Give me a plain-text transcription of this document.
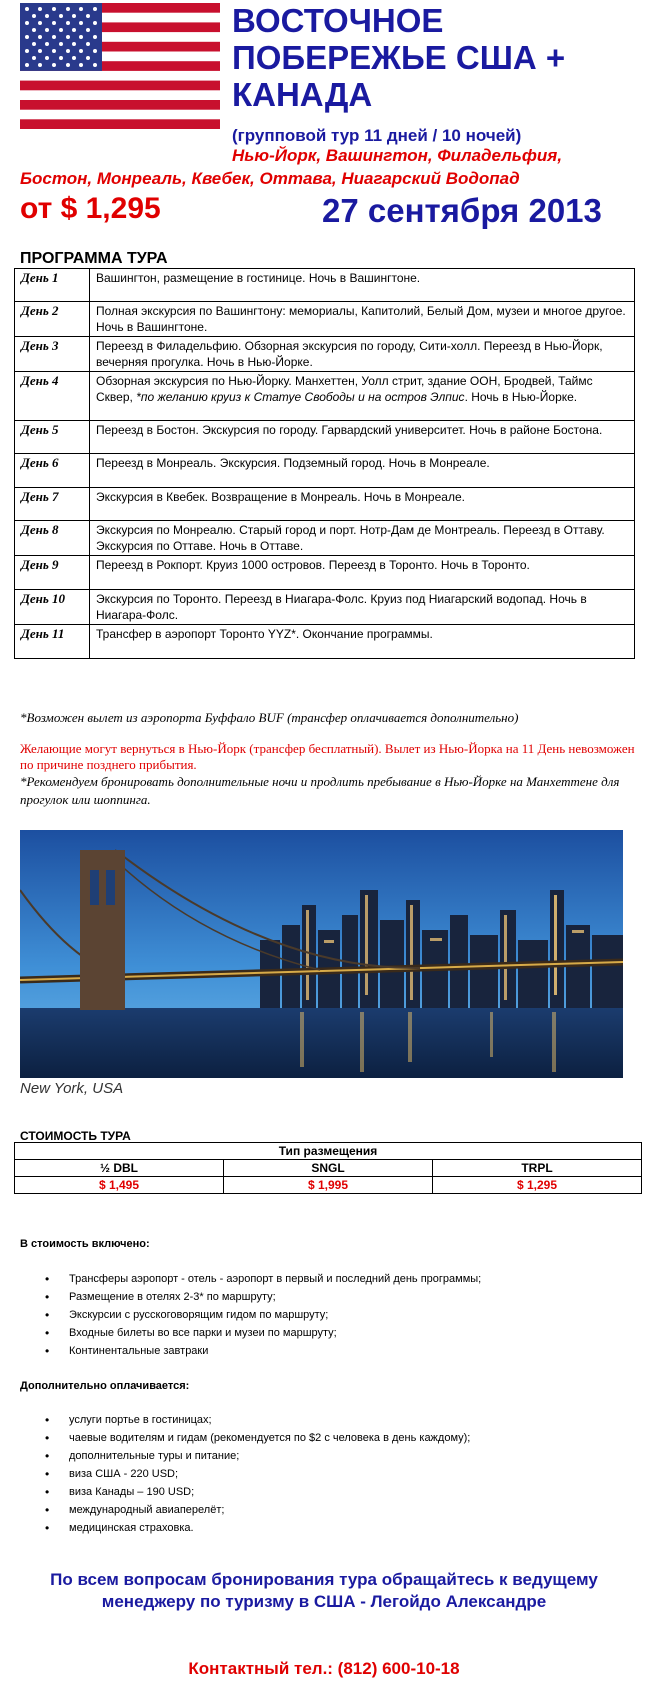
ВОСТОЧНОЕ ПОБЕРЕЖЬЕ США + КАНАДА
(групповой тур 11 дней / 10 ночей)
Нью-Йорк, Вашингтон, Филадельфия,
Бостон, Монреаль, Квебек, Оттава, Ниагарский Водопад
от $ 1,295	27 сентября 2013
ПРОГРАММА ТУРА
День 1	Вашингтон, размещение в гостинице. Ночь в Вашингтоне.
День 2	Полная экскурсия по Вашингтону: мемориалы, Капитолий, Белый Дом, музеи и многое другое. Ночь в Вашингтоне.
День 3	Переезд в Филадельфию. Обзорная экскурсия по городу, Сити-холл. Переезд в Нью-Йорк, вечерняя прогулка. Ночь в Нью-Йорке.
День 4	Обзорная экскурсия по Нью-Йорку. Манхеттен, Уолл стрит, здание ООН, Бродвей, Таймс Сквер, *по желанию круиз к Статуе Свободы и на остров Элпис. Ночь в Нью-Йорке.
День 5	Переезд в Бостон. Экскурсия по городу. Гарвардский университет. Ночь в районе Бостона.
День 6	Переезд в Монреаль. Экскурсия. Подземный город. Ночь в Монреале.
День 7	Экскурсия в Квебек. Возвращение в Монреаль. Ночь в Монреале.
День 8	Экскурсия по Монреалю. Старый город и порт. Нотр-Дам де Монтреаль. Переезд в Оттаву. Экскурсия по Оттаве. Ночь в Оттаве.
День 9	Переезд в Рокпорт. Круиз 1000 островов. Переезд в Торонто. Ночь в Торонто.
День 10	Экскурсия по Торонто. Переезд в Ниагара-Фолс. Круиз под Ниагарский водопад. Ночь в Ниагара-Фолс.
День 11	Трансфер в аэропорт Торонто YYZ*. Окончание программы.
*Возможен вылет из аэропорта Буффало BUF (трансфер оплачивается дополнительно)
Желающие могут вернуться в Нью-Йорк (трансфер бесплатный). Вылет из Нью-Йорка на 11 День невозможен по причине позднего прибытия.
*Рекомендуем бронировать дополнительные ночи и продлить пребывание в Нью-Йорке на Манхеттене для прогулок или шоппинга.
New York, USA
СТОИМОСТЬ ТУРА
Тип размещения		
½ DBL	SNGL	TRPL
$ 1,495	$ 1,995	$ 1,295
В стоимость включено:
• Трансферы аэропорт - отель - аэропорт в первый и последний день программы;
• Размещение в отелях 2-3* по маршруту;
• Экскурсии с русскоговорящим гидом по маршруту;
• Входные билеты во все парки и музеи по маршруту;
• Континентальные завтраки
Дополнительно оплачивается:
• услуги портье в гостиницах;
• чаевые водителям и гидам (рекомендуется по $2 с человека в день каждому);
• дополнительные туры и питание;
• виза США - 220 USD;
• виза Канады – 190 USD;
• международный авиаперелёт;
• медицинская страховка.
По всем вопросам бронирования тура обращайтесь к ведущему менеджеру по туризму в США - Легойдо Александре
Контактный тел.: (812) 600-10-18
